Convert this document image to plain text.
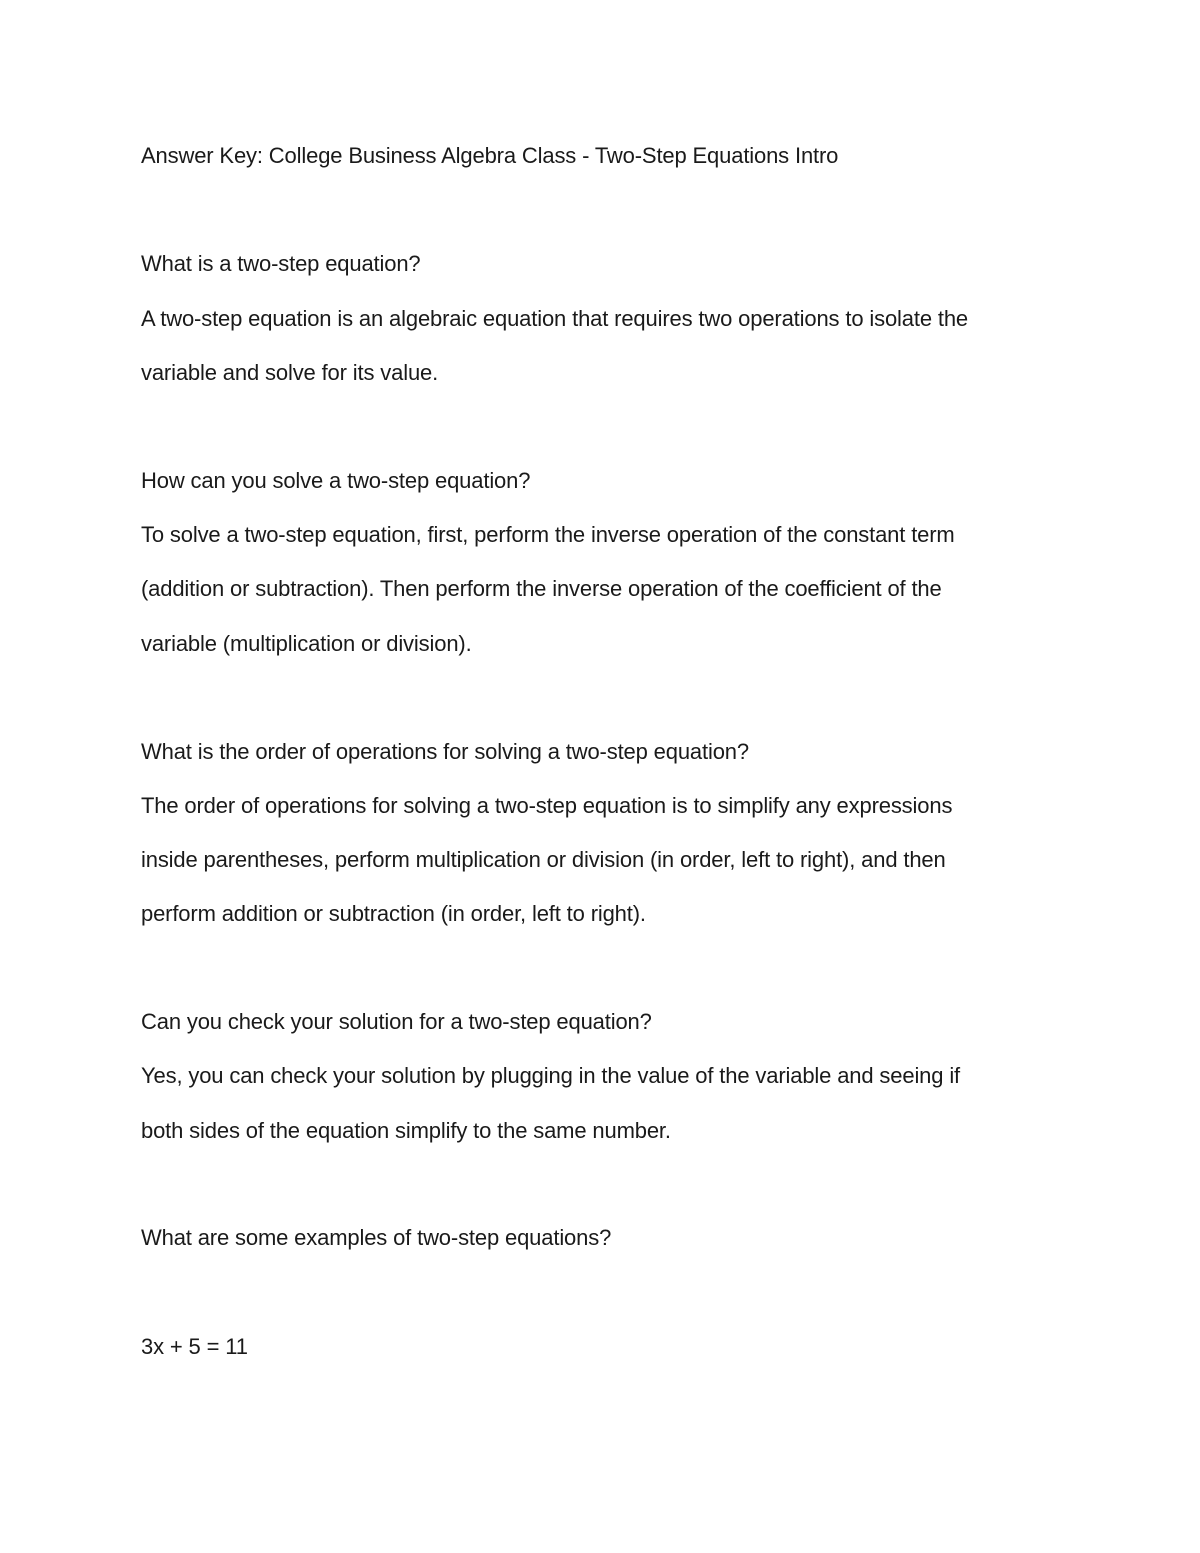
Answer Key: College Business Algebra Class - Two-Step Equations Intro

What is a two-step equation?

A two-step equation is an algebraic equation that requires two operations to isolate the

variable and solve for its value.

How can you solve a two-step equation?

To solve a two-step equation, first, perform the inverse operation of the constant term

(addition or subtraction). Then perform the inverse operation of the coefficient of the

variable (multiplication or division).

What is the order of operations for solving a two-step equation?

The order of operations for solving a two-step equation is to simplify any expressions

inside parentheses, perform multiplication or division (in order, left to right), and then

perform addition or subtraction (in order, left to right).

Can you check your solution for a two-step equation?

Yes, you can check your solution by plugging in the value of the variable and seeing if

both sides of the equation simplify to the same number.

What are some examples of two-step equations?

3x + 5 = 11
